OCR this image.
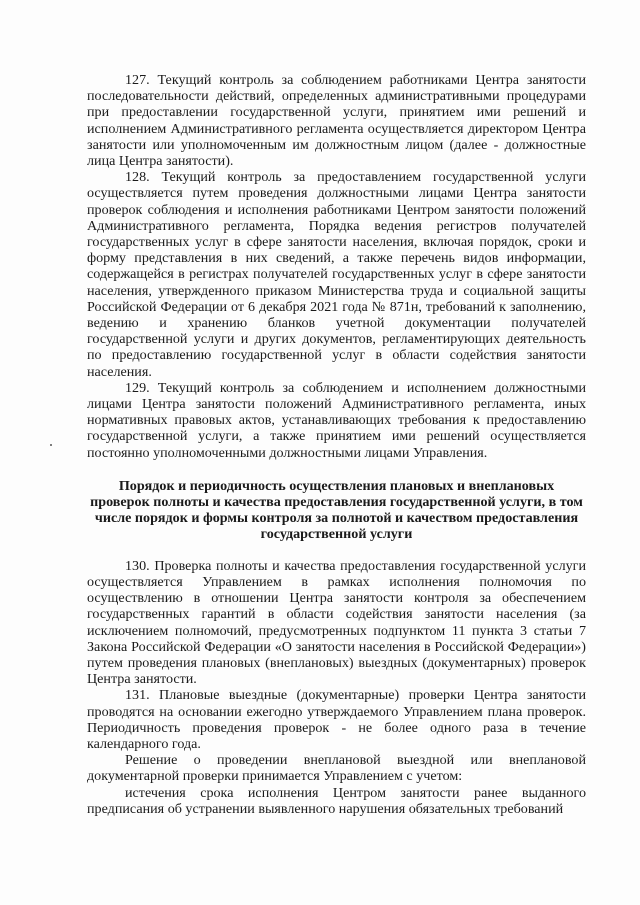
127. Текущий контроль за соблюдением работниками Центра занятости последовательности действий, определенных административными процедурами при предоставлении государственной услуги, принятием ими решений и исполнением Административного регламента осуществляется директором Центра занятости или уполномоченным им должностным лицом (далее - должностные лица Центра занятости).

128. Текущий контроль за предоставлением государственной услуги осуществляется путем проведения должностными лицами Центра занятости проверок соблюдения и исполнения работниками Центром занятости положений Административного регламента, Порядка ведения регистров получателей государственных услуг в сфере занятости населения, включая порядок, сроки и форму представления в них сведений, а также перечень видов информации, содержащейся в регистрах получателей государственных услуг в сфере занятости населения, утвержденного приказом Министерства труда и социальной защиты Российской Федерации от 6 декабря 2021 года № 871н, требований к заполнению, ведению и хранению бланков учетной документации получателей государственной услуги и других документов, регламентирующих деятельность по предоставлению государственной услуг в области содействия занятости населения.

129. Текущий контроль за соблюдением и исполнением должностными лицами Центра занятости положений Административного регламента, иных нормативных правовых актов, устанавливающих требования к предоставлению государственной услуги, а также принятием ими решений осуществляется постоянно уполномоченными должностными лицами Управления.

Порядок и периодичность осуществления плановых и внеплановых проверок полноты и качества предоставления государственной услуги, в том числе порядок и формы контроля за полнотой и качеством предоставления государственной услуги

130. Проверка полноты и качества предоставления государственной услуги осуществляется Управлением в рамках исполнения полномочия по осуществлению в отношении Центра занятости контроля за обеспечением государственных гарантий в области содействия занятости населения (за исключением полномочий, предусмотренных подпунктом 11 пункта 3 статьи 7 Закона Российской Федерации «О занятости населения в Российской Федерации») путем проведения плановых (внеплановых) выездных (документарных) проверок Центра занятости.

131. Плановые выездные (документарные) проверки Центра занятости проводятся на основании ежегодно утверждаемого Управлением плана проверок. Периодичность проведения проверок - не более одного раза в течение календарного года.

Решение о проведении внеплановой выездной или внеплановой документарной проверки принимается Управлением с учетом:

истечения срока исполнения Центром занятости ранее выданного предписания об устранении выявленного нарушения обязательных требований
